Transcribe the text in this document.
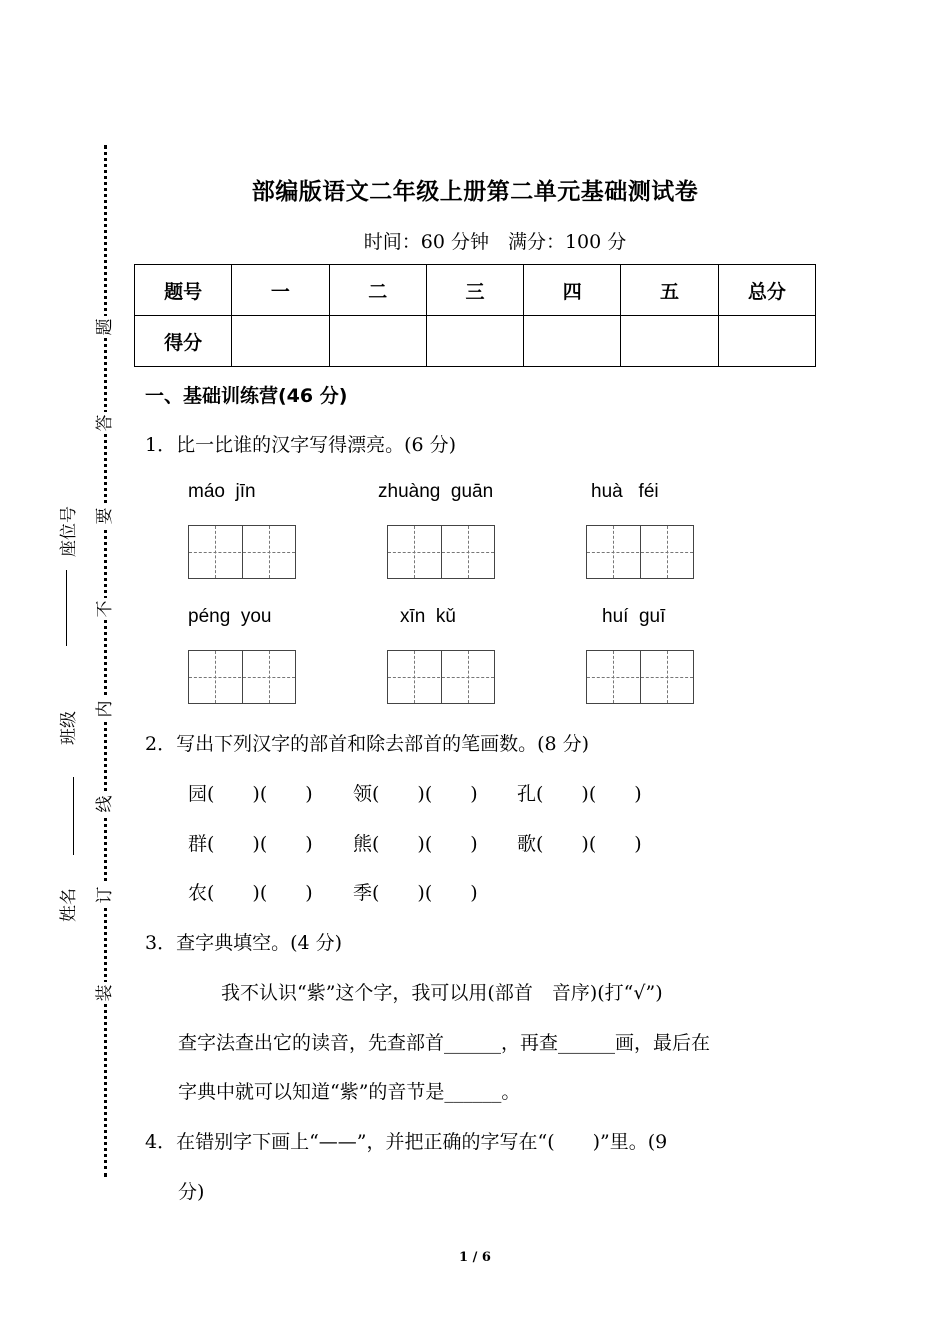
题
答
要
不
内
线
订
装
座位号
班级
姓名
部编版语文二年级上册第二单元基础测试卷
时间：60 分钟　满分：100 分
题号	一	二	三	四	五	总分
得分						
一、基础训练营(46 分)
1．比一比谁的汉字写得漂亮。(6 分)
máo  jīn	zhuàng  guān	huà   féi
péng  you	xīn  kǔ	huí  guī
2．写出下列汉字的部首和除去部首的笔画数。(8 分)
园(　　)(　　) 领(　　)(　　) 孔(　　)(　　)
群(　　)(　　) 熊(　　)(　　) 歌(　　)(　　)
农(　　)(　　) 季(　　)(　　)
3．查字典填空。(4 分)
我不认识“紫”这个字，我可以用(部首　音序)(打“√”)
查字法查出它的读音，先查部首______，再查______画，最后在
字典中就可以知道“紫”的音节是______。
4．在错别字下画上“——”，并把正确的字写在“(　　)”里。(9
分)
1 / 6
